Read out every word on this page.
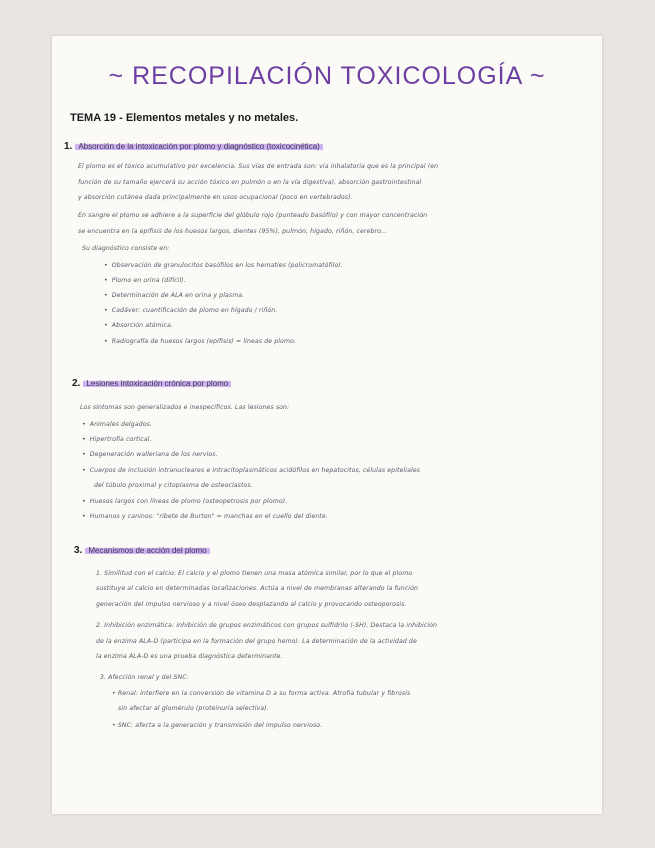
~ RECOPILACIÓN TOXICOLOGÍA ~
TEMA 19 - Elementos metales y no metales.
1. Absorción de la intoxicación por plomo y diagnóstico (toxicocinética)
El plomo es el tóxico acumulativo por excelencia. Sus vías de entrada son: vía inhalatoria que es la principal (en
función de su tamaño ejercerá su acción tóxico en pulmón o en la vía digestiva), absorción gastrointestinal
y absorción cutánea dada principalmente en usos ocupacional (poco en vertebrados).
En sangre el plomo se adhiere a la superficie del glóbulo rojo (punteado basófilo) y con mayor concentración
se encuentra en la epífisis de los huesos largos, dientes (95%), pulmón, hígado, riñón, cerebro...
Su diagnóstico consiste en:
• Observación de granulocitos basófilos en los hematíes (policromatófilo).
• Plomo en orina (difícil).
• Determinación de ALA en orina y plasma.
• Cadáver: cuantificación de plomo en hígado / riñón.
• Absorción atómica.
• Radiografía de huesos largos (epífisis) = líneas de plomo.
2. Lesiones intoxicación crónica por plomo
Los síntomas son generalizados e inespecíficos. Las lesiones son:
• Animales delgados.
• Hipertrofia cortical.
• Degeneración walleriana de los nervios.
• Cuerpos de inclusión intranucleares e intracitoplasmáticos acidófilos en hepatocitos, células epiteliales
del túbulo proximal y citoplasma de osteoclastos.
• Huesos largos con líneas de plomo (osteopetrosis por plomo).
• Humanos y caninos: "ribete de Burton" = manchas en el cuello del diente.
3. Mecanismos de acción del plomo
1. Similitud con el calcio: El calcio y el plomo tienen una masa atómica similar, por lo que el plomo
sustituye al calcio en determinadas localizaciones. Actúa a nivel de membranas alterando la función
generación del impulso nervioso y a nivel óseo desplazando al calcio y provocando osteoporosis.
2. Inhibición enzimática: inhibición de grupos enzimáticos con grupos sulfidrilo (-SH). Destaca la inhibición
de la enzima ALA-D (participa en la formación del grupo hemo). La determinación de la actividad de
la enzima ALA-D es una prueba diagnóstica determinante.
3. Afección renal y del SNC:
• Renal: interfiere en la conversión de vitamina D a su forma activa. Atrofia tubular y fibrosis
sin afectar al glomérulo (proteinuria selectiva).
• SNC: afecta a la generación y transmisión del impulso nervioso.
